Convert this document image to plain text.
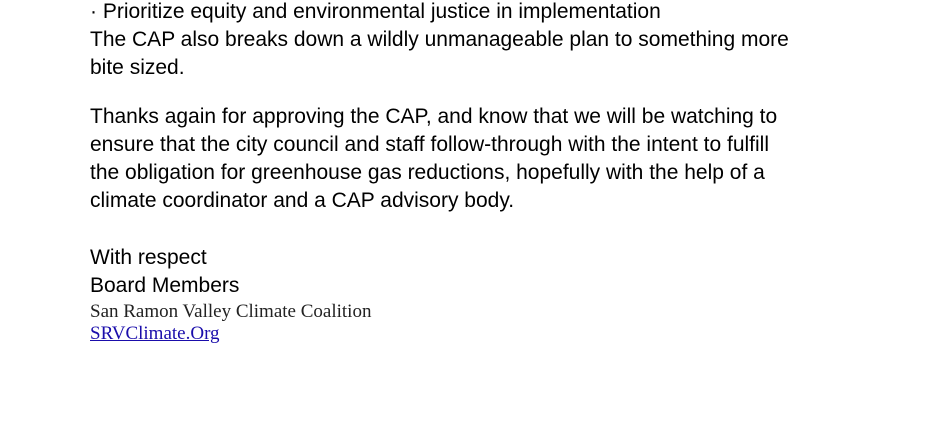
· Prioritize equity and environmental justice in implementation
The CAP also breaks down a wildly unmanageable plan to something more
bite sized.
Thanks again for approving the CAP, and know that we will be watching to
ensure that the city council and staff follow-through with the intent to fulfill
the obligation for greenhouse gas reductions, hopefully with the help of a
climate coordinator and a CAP advisory body.
With respect
Board Members
San Ramon Valley Climate Coalition
SRVClimate.Org
